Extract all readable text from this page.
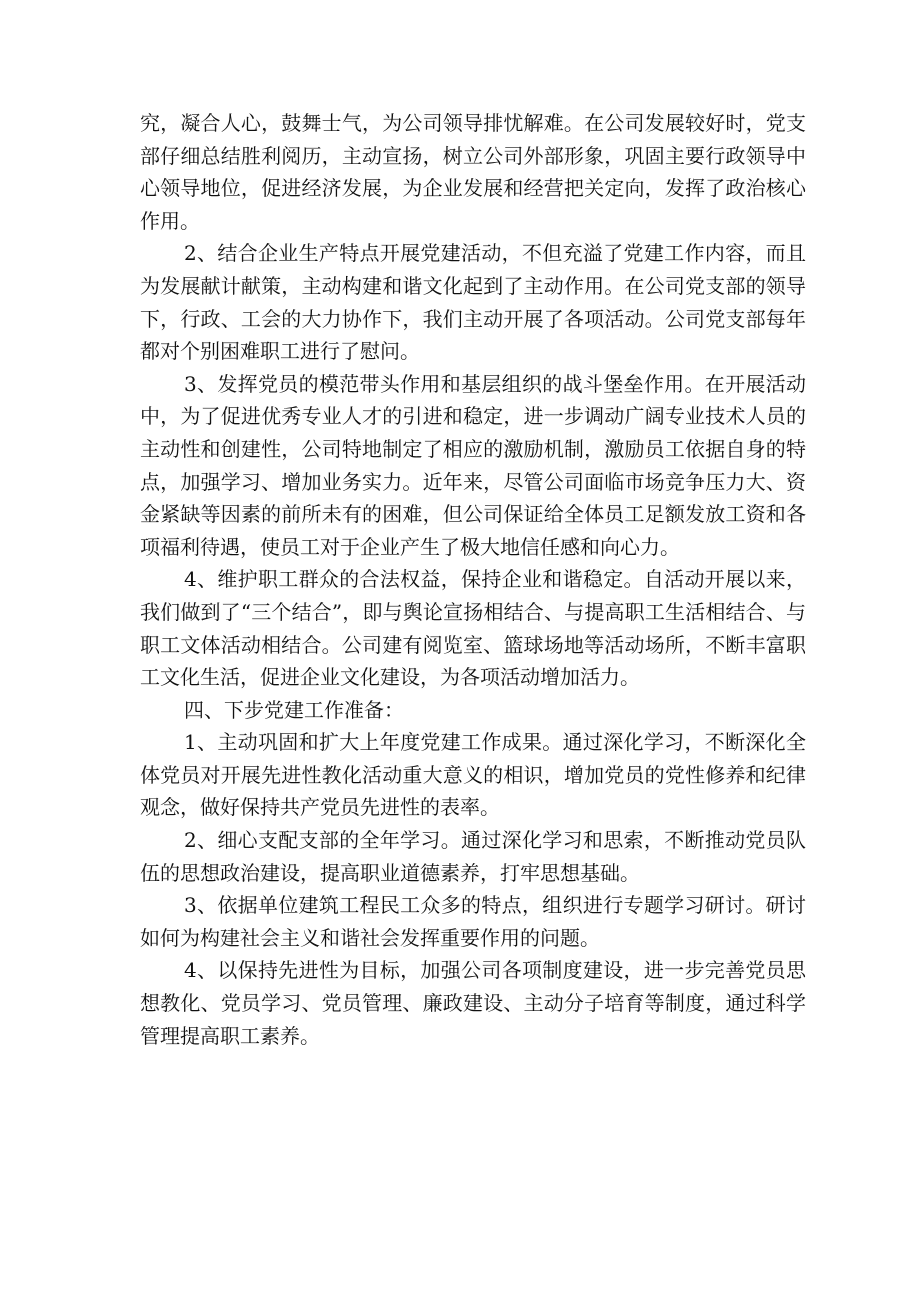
究，凝合人心，鼓舞士气，为公司领导排忧解难。在公司发展较好时，党支部仔细总结胜利阅历，主动宣扬，树立公司外部形象，巩固主要行政领导中心领导地位，促进经济发展，为企业发展和经营把关定向，发挥了政治核心作用。

2、结合企业生产特点开展党建活动，不但充溢了党建工作内容，而且为发展献计献策，主动构建和谐文化起到了主动作用。在公司党支部的领导下，行政、工会的大力协作下，我们主动开展了各项活动。公司党支部每年都对个别困难职工进行了慰问。

3、发挥党员的模范带头作用和基层组织的战斗堡垒作用。在开展活动中，为了促进优秀专业人才的引进和稳定，进一步调动广阔专业技术人员的主动性和创建性，公司特地制定了相应的激励机制，激励员工依据自身的特点，加强学习、增加业务实力。近年来，尽管公司面临市场竞争压力大、资金紧缺等因素的前所未有的困难，但公司保证给全体员工足额发放工资和各项福利待遇，使员工对于企业产生了极大地信任感和向心力。

4、维护职工群众的合法权益，保持企业和谐稳定。自活动开展以来，我们做到了“三个结合”，即与舆论宣扬相结合、与提高职工生活相结合、与职工文体活动相结合。公司建有阅览室、篮球场地等活动场所，不断丰富职工文化生活，促进企业文化建设，为各项活动增加活力。

四、下步党建工作准备：

1、主动巩固和扩大上年度党建工作成果。通过深化学习，不断深化全体党员对开展先进性教化活动重大意义的相识，增加党员的党性修养和纪律观念，做好保持共产党员先进性的表率。

2、细心支配支部的全年学习。通过深化学习和思索，不断推动党员队伍的思想政治建设，提高职业道德素养，打牢思想基础。

3、依据单位建筑工程民工众多的特点，组织进行专题学习研讨。研讨如何为构建社会主义和谐社会发挥重要作用的问题。

4、以保持先进性为目标，加强公司各项制度建设，进一步完善党员思想教化、党员学习、党员管理、廉政建设、主动分子培育等制度，通过科学管理提高职工素养。
